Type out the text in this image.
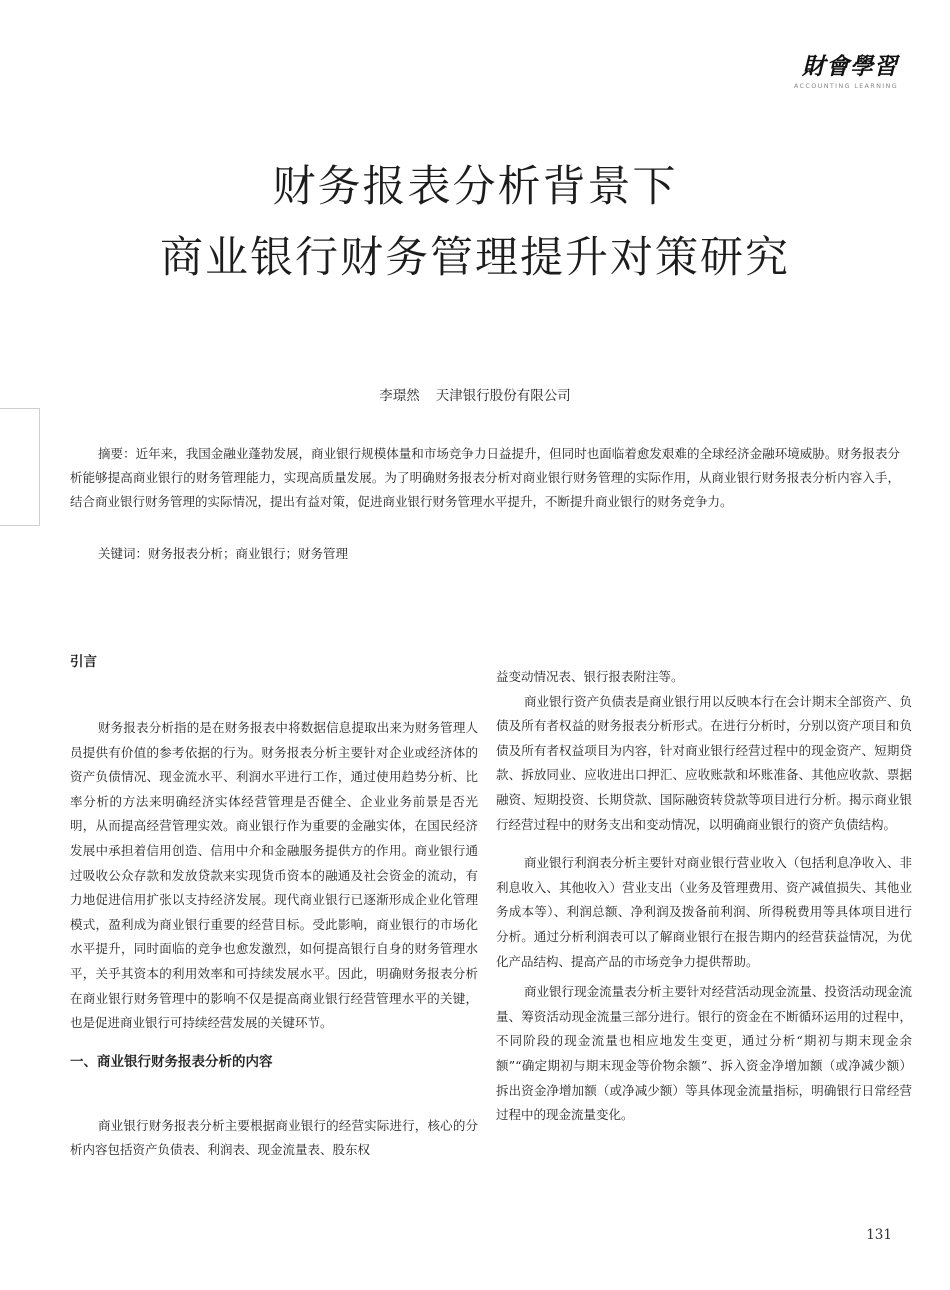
財會學習
ACCOUNTING LEARNING
财务报表分析背景下
商业银行财务管理提升对策研究
李璟然 天津银行股份有限公司

摘要：近年来，我国金融业蓬勃发展，商业银行规模体量和市场竞争力日益提升，但同时也面临着愈发艰难的全球经济金融环境威胁。财务报表分析能够提高商业银行的财务管理能力，实现高质量发展。为了明确财务报表分析对商业银行财务管理的实际作用，从商业银行财务报表分析内容入手，结合商业银行财务管理的实际情况，提出有益对策，促进商业银行财务管理水平提升，不断提升商业银行的财务竞争力。

关键词：财务报表分析；商业银行；财务管理

引言

财务报表分析指的是在财务报表中将数据信息提取出来为财务管理人员提供有价值的参考依据的行为。财务报表分析主要针对企业或经济体的资产负债情况、现金流水平、利润水平进行工作，通过使用趋势分析、比率分析的方法来明确经济实体经营管理是否健全、企业业务前景是否光明，从而提高经营管理实效。商业银行作为重要的金融实体，在国民经济发展中承担着信用创造、信用中介和金融服务提供方的作用。商业银行通过吸收公众存款和发放贷款来实现货币资本的融通及社会资金的流动，有力地促进信用扩张以支持经济发展。现代商业银行已逐渐形成企业化管理模式，盈利成为商业银行重要的经营目标。受此影响，商业银行的市场化水平提升，同时面临的竞争也愈发激烈，如何提高银行自身的财务管理水平，关乎其资本的利用效率和可持续发展水平。因此，明确财务报表分析在商业银行财务管理中的影响不仅是提高商业银行经营管理水平的关键，也是促进商业银行可持续经营发展的关键环节。

一、商业银行财务报表分析的内容

商业银行财务报表分析主要根据商业银行的经营实际进行，核心的分析内容包括资产负债表、利润表、现金流量表、股东权

益变动情况表、银行报表附注等。

商业银行资产负债表是商业银行用以反映本行在会计期末全部资产、负债及所有者权益的财务报表分析形式。在进行分析时，分别以资产项目和负债及所有者权益项目为内容，针对商业银行经营过程中的现金资产、短期贷款、拆放同业、应收进出口押汇、应收账款和坏账准备、其他应收款、票据融资、短期投资、长期贷款、国际融资转贷款等项目进行分析。揭示商业银行经营过程中的财务支出和变动情况，以明确商业银行的资产负债结构。

商业银行利润表分析主要针对商业银行营业收入（包括利息净收入、非利息收入、其他收入）营业支出（业务及管理费用、资产减值损失、其他业务成本等）、利润总额、净利润及拨备前利润、所得税费用等具体项目进行分析。通过分析利润表可以了解商业银行在报告期内的经营获益情况，为优化产品结构、提高产品的市场竞争力提供帮助。

商业银行现金流量表分析主要针对经营活动现金流量、投资活动现金流量、筹资活动现金流量三部分进行。银行的资金在不断循环运用的过程中，不同阶段的现金流量也相应地发生变更，通过分析“期初与期末现金余额”“确定期初与期末现金等价物余额”、拆入资金净增加额（或净减少额）拆出资金净增加额（或净减少额）等具体现金流量指标，明确银行日常经营过程中的现金流量变化。

131
